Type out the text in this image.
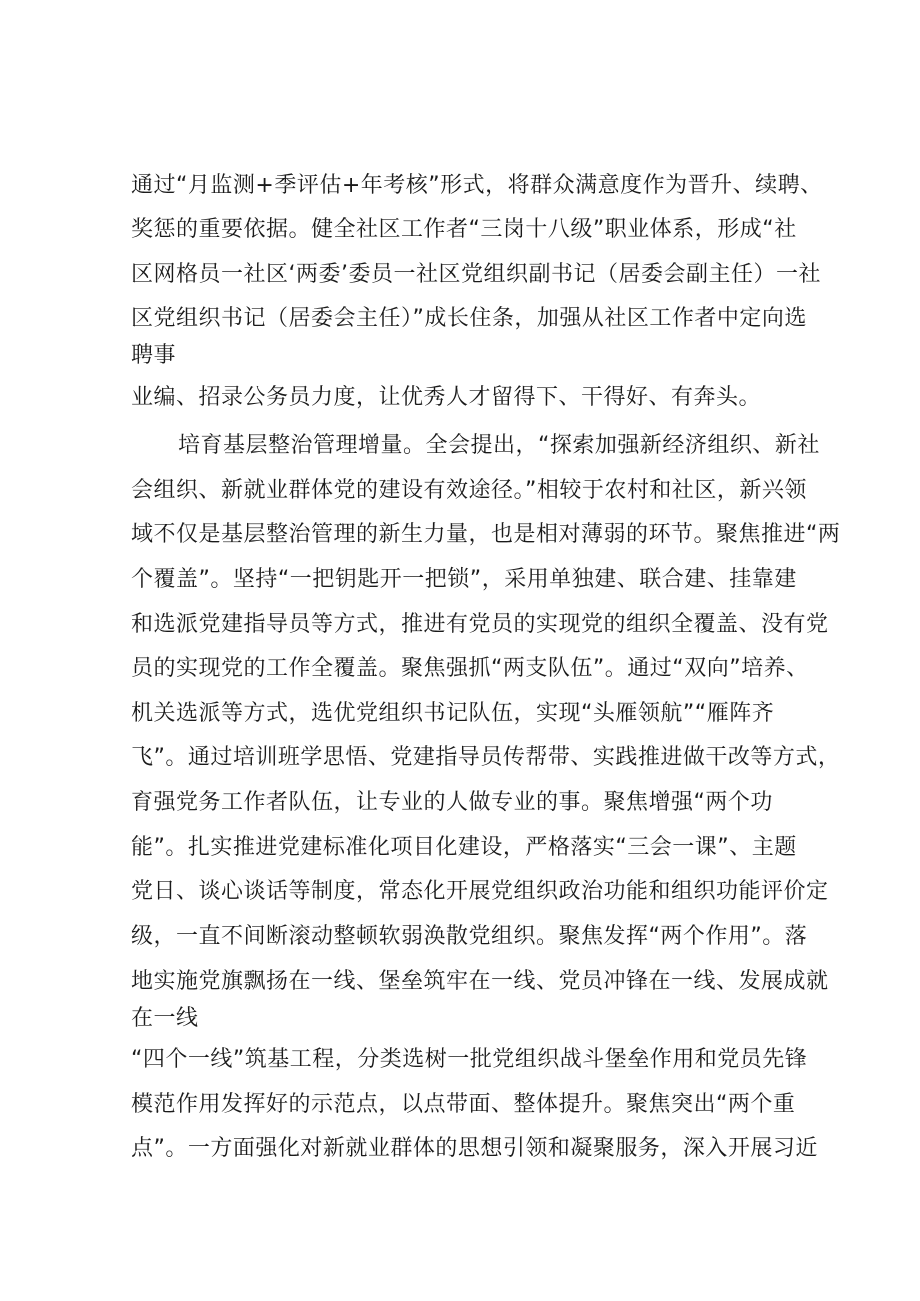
通过“月监测+季评估+年考核”形式，将群众满意度作为晋升、续聘、
奖惩的重要依据。健全社区工作者“三岗十八级”职业体系，形成“社
区网格员一社区‘两委’委员一社区党组织副书记（居委会副主任）一社
区党组织书记（居委会主任）”成长住条，加强从社区工作者中定向选
聘事
业编、招录公务员力度，让优秀人才留得下、干得好、有奔头。
培育基层整治管理增量。全会提出，“探索加强新经济组织、新社
会组织、新就业群体党的建设有效途径。”相较于农村和社区，新兴领
域不仅是基层整治管理的新生力量，也是相对薄弱的环节。聚焦推进“两
个覆盖”。坚持“一把钥匙开一把锁”，采用单独建、联合建、挂靠建
和选派党建指导员等方式，推进有党员的实现党的组织全覆盖、没有党
员的实现党的工作全覆盖。聚焦强抓“两支队伍”。通过“双向”培养、
机关选派等方式，选优党组织书记队伍，实现“头雁领航”“雁阵齐
飞”。通过培训班学思悟、党建指导员传帮带、实践推进做干改等方式，
育强党务工作者队伍，让专业的人做专业的事。聚焦增强“两个功
能”。扎实推进党建标准化项目化建设，严格落实“三会一课”、主题
党日、谈心谈话等制度，常态化开展党组织政治功能和组织功能评价定
级，一直不间断滚动整顿软弱涣散党组织。聚焦发挥“两个作用”。落
地实施党旗飘扬在一线、堡垒筑牢在一线、党员冲锋在一线、发展成就
在一线
“四个一线”筑基工程，分类选树一批党组织战斗堡垒作用和党员先锋
模范作用发挥好的示范点，以点带面、整体提升。聚焦突出“两个重
点”。一方面强化对新就业群体的思想引领和凝聚服务，深入开展习近
